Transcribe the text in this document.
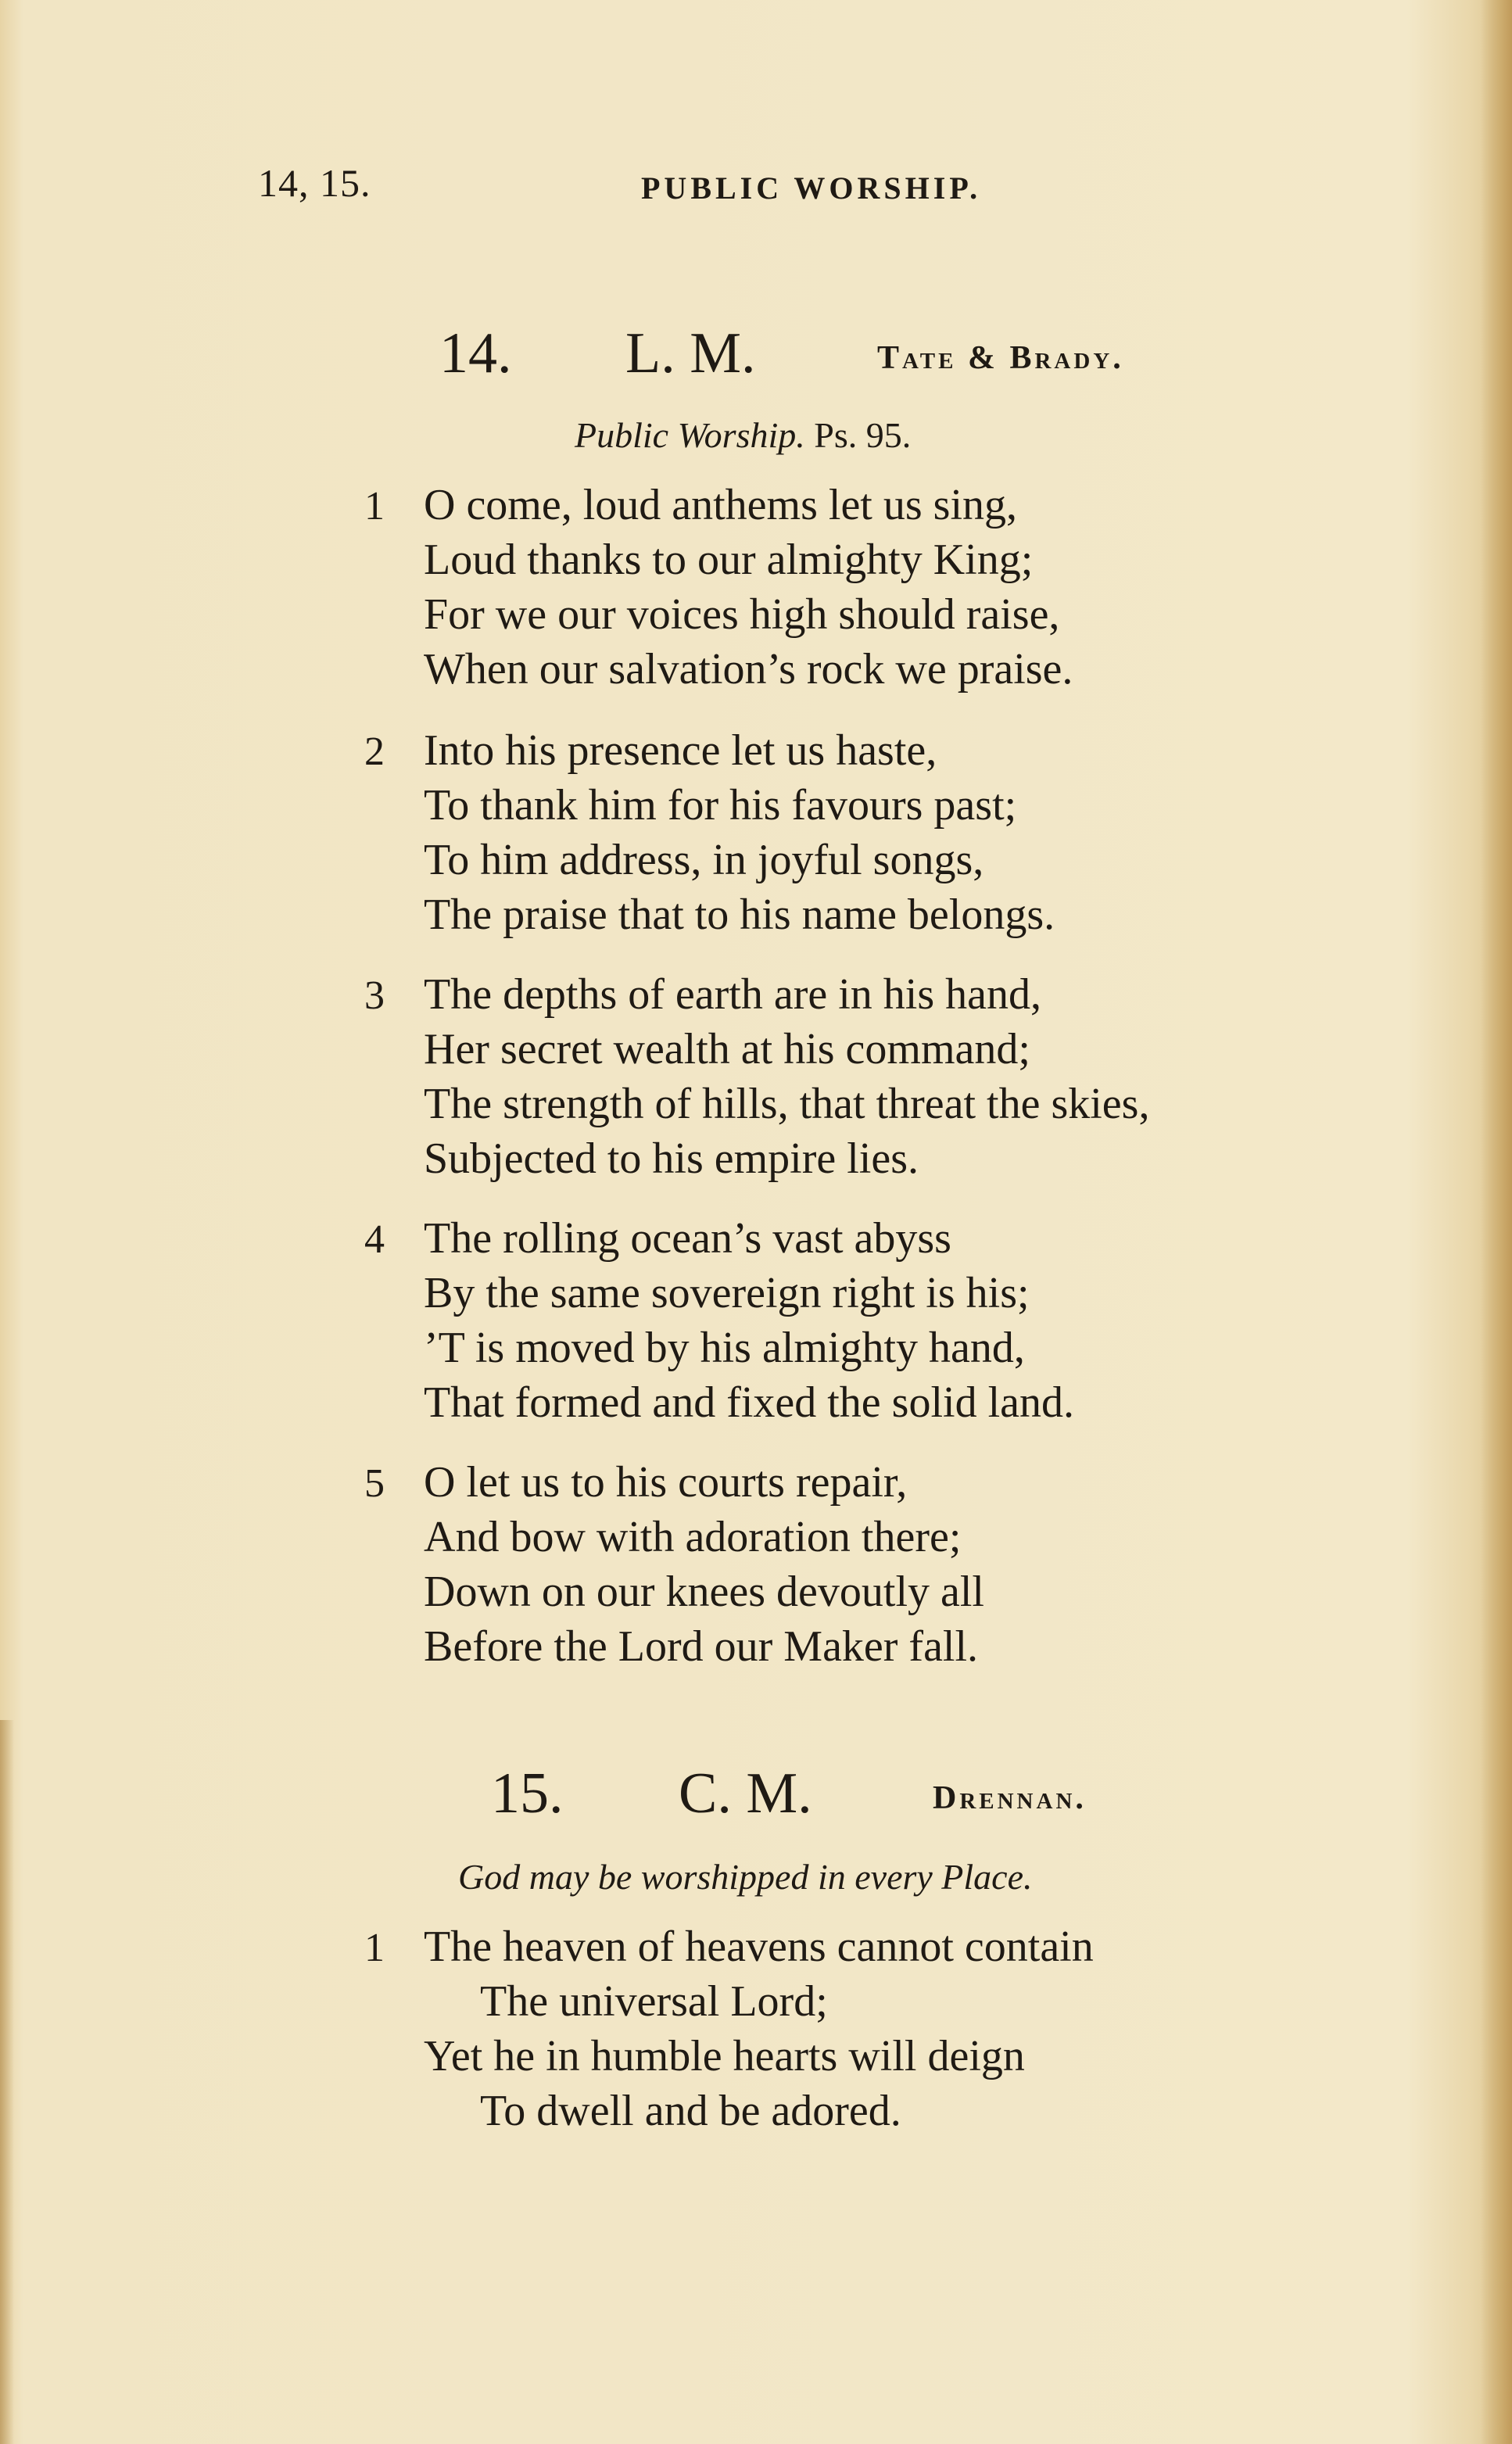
14, 15.	PUBLIC WORSHIP.
14. L. M.	Tate & Brady.
Public Worship. Ps. 95.
1 O come, loud anthems let us sing,
Loud thanks to our almighty King;
For we our voices high should raise,
When our salvation’s rock we praise.
2 Into his presence let us haste,
To thank him for his favours past;
To him address, in joyful songs,
The praise that to his name belongs.
3 The depths of earth are in his hand,
Her secret wealth at his command;
The strength of hills, that threat the skies,
Subjected to his empire lies.
4 The rolling ocean’s vast abyss
By the same sovereign right is his;
’T is moved by his almighty hand,
That formed and fixed the solid land.
5 O let us to his courts repair,
And bow with adoration there;
Down on our knees devoutly all
Before the Lord our Maker fall.
15. C. M.	Drennan.
God may be worshipped in every Place.
1 The heaven of heavens cannot contain
The universal Lord;
Yet he in humble hearts will deign
To dwell and be adored.
